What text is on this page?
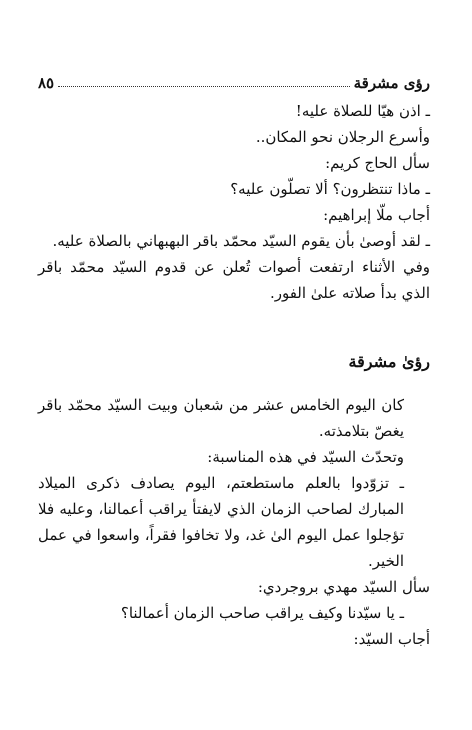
رؤى مشرقة
٨٥

ـ اذن هيّا للصلاة عليه!

وأسرع الرجلان نحو المكان..

سأل الحاج كريم:

ـ ماذا تنتظرون؟ ألا تصلّون عليه؟

أجاب ملّا إبراهيم:

ـ لقد أوصىٰ بأن يقوم السيّد محمّد باقر البهبهاني بالصلاة عليه.

وفي الأثناء ارتفعت أصوات تُعلن عن قدوم السيّد محمّد باقر الذي بدأ صلاته علىٰ الفور.

رؤىٰ مشرقة

كان اليوم الخامس عشر من شعبان وبيت السيّد محمّد باقر يغصّ بتلامذته.

وتحدّث السيّد في هذه المناسبة:

ـ تزوّدوا بالعلم ماستطعتم، اليوم يصادف ذكرى الميلاد المبارك لصاحب الزمان الذي لايفتأ يراقب أعمالنا، وعليه فلا تؤجلوا عمل اليوم الىٰ غد، ولا تخافوا فقراً، واسعوا في عمل الخير.

سأل السيّد مهدي بروجردي:

ـ يا سيّدنا وكيف يراقب صاحب الزمان أعمالنا؟

أجاب السيّد:
